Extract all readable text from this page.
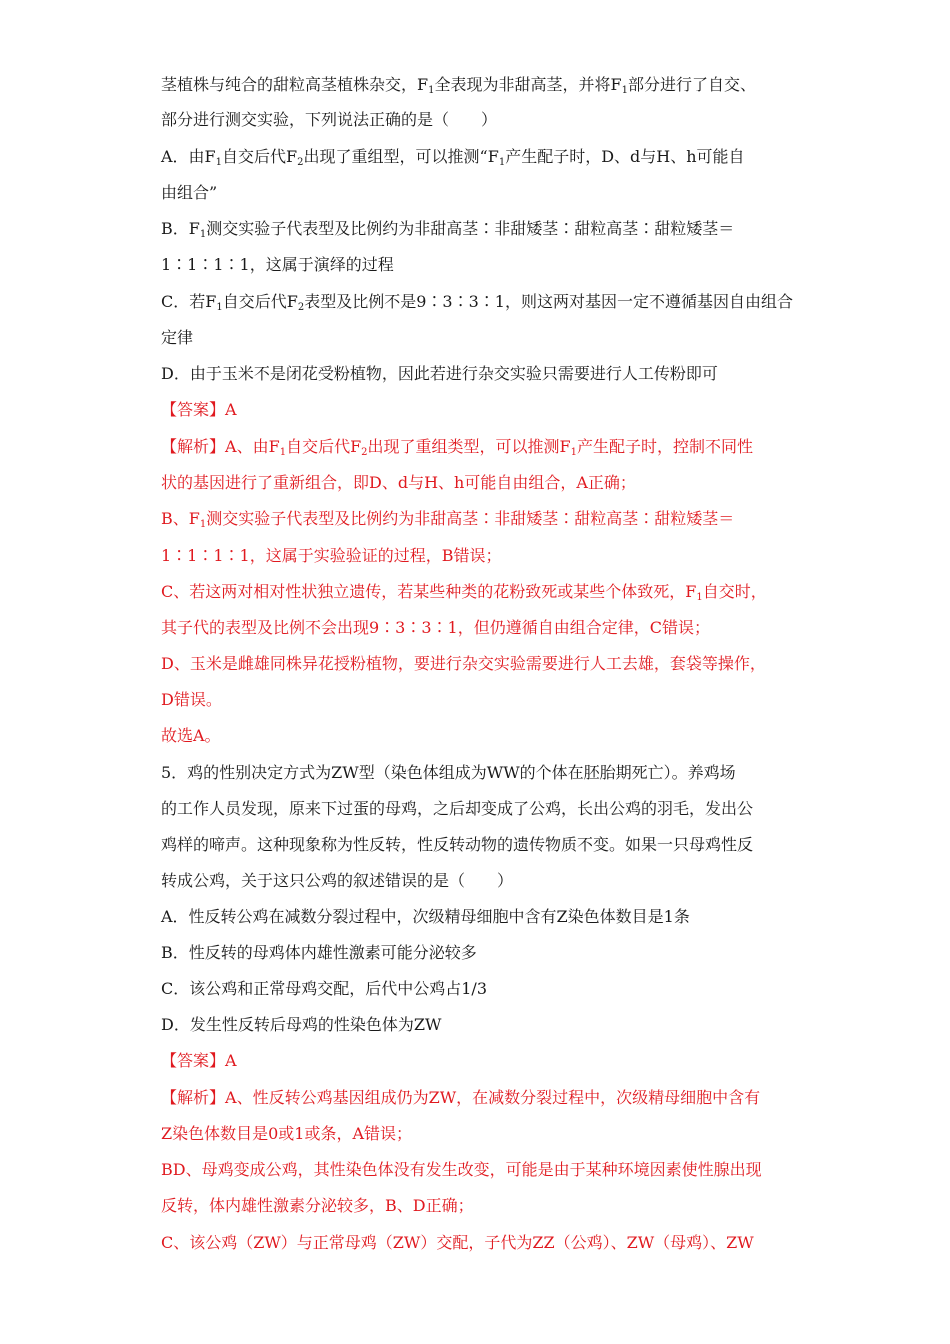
茎植株与纯合的甜粒高茎植株杂交，$F_1$全表现为非甜高茎，并将$F_1$部分进行了自交、
部分进行测交实验，下列说法正确的是（　　）
A．由$F_1$自交后代$F_2$出现了重组型，可以推测“$F_1$产生配子时，D、d与H、h可能自
由组合”
B．$F_1$测交实验子代表型及比例约为非甜高茎∶非甜矮茎∶甜粒高茎∶甜粒矮茎＝
1∶1∶1∶1，这属于演绎的过程
C．若$F_1$自交后代$F_2$表型及比例不是9∶3∶3∶1，则这两对基因一定不遵循基因自由组合
定律
D．由于玉米不是闭花受粉植物，因此若进行杂交实验只需要进行人工传粉即可
【答案】A
【解析】A、由$F_1$自交后代$F_2$出现了重组类型，可以推测$F_1$产生配子时，控制不同性
状的基因进行了重新组合，即D、d与H、h可能自由组合，A正确；
B、$F_1$测交实验子代表型及比例约为非甜高茎∶非甜矮茎∶甜粒高茎∶甜粒矮茎＝
1∶1∶1∶1，这属于实验验证的过程，B错误；
C、若这两对相对性状独立遗传，若某些种类的花粉致死或某些个体致死，$F_1$自交时，
其子代的表型及比例不会出现9∶3∶3∶1，但仍遵循自由组合定律，C错误；
D、玉米是雌雄同株异花授粉植物，要进行杂交实验需要进行人工去雄，套袋等操作，
D错误。
故选A。
5．鸡的性别决定方式为ZW型（染色体组成为WW的个体在胚胎期死亡）。养鸡场
的工作人员发现，原来下过蛋的母鸡，之后却变成了公鸡，长出公鸡的羽毛，发出公
鸡样的啼声。这种现象称为性反转，性反转动物的遗传物质不变。如果一只母鸡性反
转成公鸡，关于这只公鸡的叙述错误的是（　　）
A．性反转公鸡在减数分裂过程中，次级精母细胞中含有Z染色体数目是1条
B．性反转的母鸡体内雄性激素可能分泌较多
C．该公鸡和正常母鸡交配，后代中公鸡占1/3
D．发生性反转后母鸡的性染色体为ZW
【答案】A
【解析】A、性反转公鸡基因组成仍为ZW，在减数分裂过程中，次级精母细胞中含有
Z染色体数目是0或1或条，A错误；
BD、母鸡变成公鸡，其性染色体没有发生改变，可能是由于某种环境因素使性腺出现
反转，体内雄性激素分泌较多，B、D正确；
C、该公鸡（ZW）与正常母鸡（ZW）交配，子代为ZZ（公鸡）、ZW（母鸡）、ZW
